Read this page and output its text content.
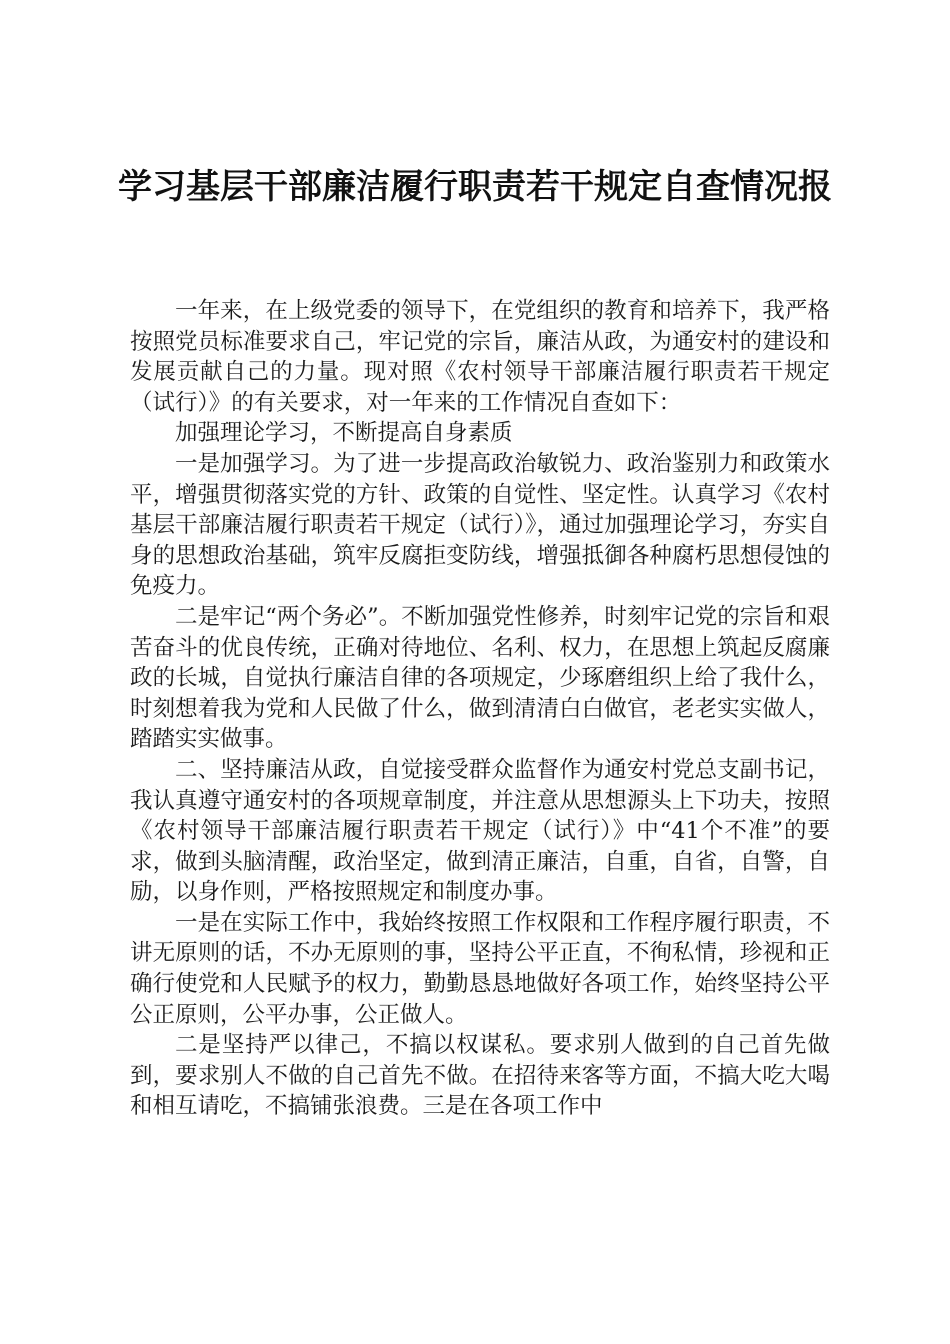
学习基层干部廉洁履行职责若干规定自查情况报

一年来，在上级党委的领导下，在党组织的教育和培养下，我严格按照党员标准要求自己，牢记党的宗旨，廉洁从政，为通安村的建设和发展贡献自己的力量。现对照《农村领导干部廉洁履行职责若干规定（试行）》的有关要求，对一年来的工作情况自查如下：

加强理论学习，不断提高自身素质

一是加强学习。为了进一步提高政治敏锐力、政治鉴别力和政策水平，增强贯彻落实党的方针、政策的自觉性、坚定性。认真学习《农村基层干部廉洁履行职责若干规定（试行）》，通过加强理论学习，夯实自身的思想政治基础，筑牢反腐拒变防线，增强抵御各种腐朽思想侵蚀的免疫力。

二是牢记“两个务必”。不断加强党性修养，时刻牢记党的宗旨和艰苦奋斗的优良传统，正确对待地位、名利、权力，在思想上筑起反腐廉政的长城，自觉执行廉洁自律的各项规定，少琢磨组织上给了我什么，时刻想着我为党和人民做了什么，做到清清白白做官，老老实实做人，踏踏实实做事。

二、坚持廉洁从政，自觉接受群众监督作为通安村党总支副书记，我认真遵守通安村的各项规章制度，并注意从思想源头上下功夫，按照《农村领导干部廉洁履行职责若干规定（试行）》中“41个不准”的要求，做到头脑清醒，政治坚定，做到清正廉洁，自重，自省，自警，自励，以身作则，严格按照规定和制度办事。

一是在实际工作中，我始终按照工作权限和工作程序履行职责，不讲无原则的话，不办无原则的事，坚持公平正直，不徇私情，珍视和正确行使党和人民赋予的权力，勤勤恳恳地做好各项工作，始终坚持公平公正原则，公平办事，公正做人。

二是坚持严以律己，不搞以权谋私。要求别人做到的自己首先做到，要求别人不做的自己首先不做。在招待来客等方面，不搞大吃大喝和相互请吃，不搞铺张浪费。三是在各项工作中
